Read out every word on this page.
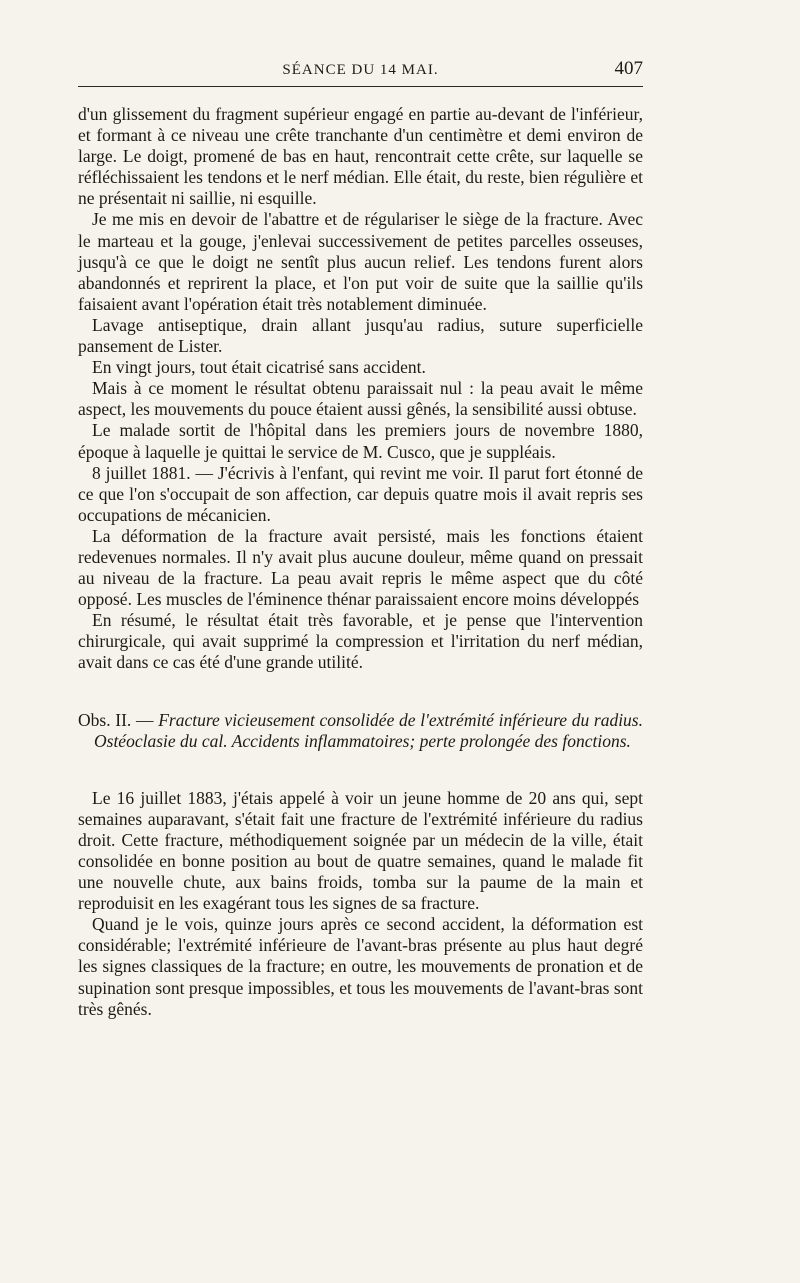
SÉANCE DU 14 MAI.	407

d'un glissement du fragment supérieur engagé en partie au-devant de l'inférieur, et formant à ce niveau une crête tranchante d'un centimètre et demi environ de large. Le doigt, promené de bas en haut, rencontrait cette crête, sur laquelle se réfléchissaient les tendons et le nerf médian. Elle était, du reste, bien régulière et ne présentait ni saillie, ni esquille.

Je me mis en devoir de l'abattre et de régulariser le siège de la fracture. Avec le marteau et la gouge, j'enlevai successivement de petites parcelles osseuses, jusqu'à ce que le doigt ne sentît plus aucun relief. Les tendons furent alors abandonnés et reprirent la place, et l'on put voir de suite que la saillie qu'ils faisaient avant l'opération était très notablement diminuée.

Lavage antiseptique, drain allant jusqu'au radius, suture superficielle pansement de Lister.

En vingt jours, tout était cicatrisé sans accident.

Mais à ce moment le résultat obtenu paraissait nul : la peau avait le même aspect, les mouvements du pouce étaient aussi gênés, la sensibilité aussi obtuse.

Le malade sortit de l'hôpital dans les premiers jours de novembre 1880, époque à laquelle je quittai le service de M. Cusco, que je suppléais.

8 juillet 1881. — J'écrivis à l'enfant, qui revint me voir. Il parut fort étonné de ce que l'on s'occupait de son affection, car depuis quatre mois il avait repris ses occupations de mécanicien.

La déformation de la fracture avait persisté, mais les fonctions étaient redevenues normales. Il n'y avait plus aucune douleur, même quand on pressait au niveau de la fracture. La peau avait repris le même aspect que du côté opposé. Les muscles de l'éminence thénar paraissaient encore moins développés

En résumé, le résultat était très favorable, et je pense que l'intervention chirurgicale, qui avait supprimé la compression et l'irritation du nerf médian, avait dans ce cas été d'une grande utilité.

Obs. II. — Fracture vicieusement consolidée de l'extrémité inférieure du radius. Ostéoclasie du cal. Accidents inflammatoires; perte prolongée des fonctions.

Le 16 juillet 1883, j'étais appelé à voir un jeune homme de 20 ans qui, sept semaines auparavant, s'était fait une fracture de l'extrémité inférieure du radius droit. Cette fracture, méthodiquement soignée par un médecin de la ville, était consolidée en bonne position au bout de quatre semaines, quand le malade fit une nouvelle chute, aux bains froids, tomba sur la paume de la main et reproduisit en les exagérant tous les signes de sa fracture.

Quand je le vois, quinze jours après ce second accident, la déformation est considérable; l'extrémité inférieure de l'avant-bras présente au plus haut degré les signes classiques de la fracture; en outre, les mouvements de pronation et de supination sont presque impossibles, et tous les mouvements de l'avant-bras sont très gênés.
